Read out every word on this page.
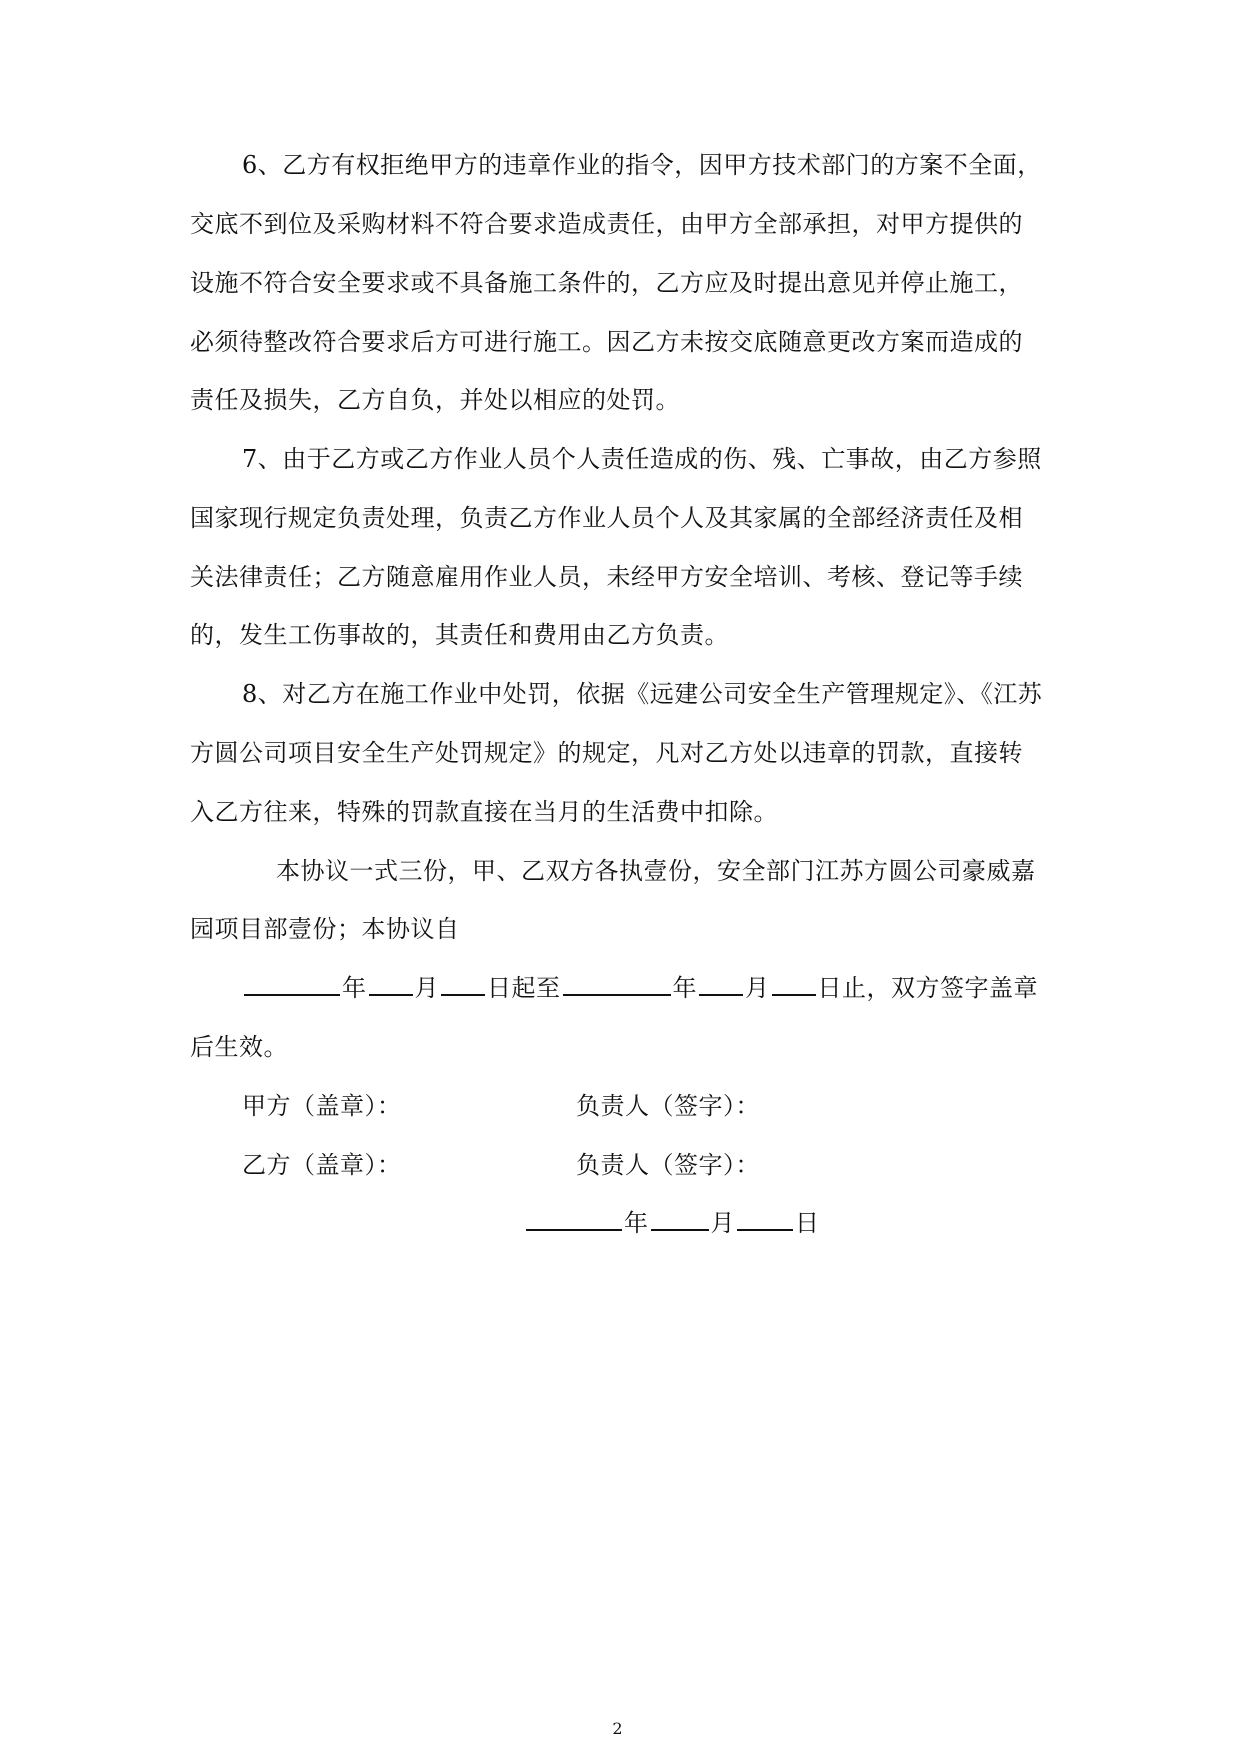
6、乙方有权拒绝甲方的违章作业的指令，因甲方技术部门的方案不全面，
交底不到位及采购材料不符合要求造成责任，由甲方全部承担，对甲方提供的
设施不符合安全要求或不具备施工条件的，乙方应及时提出意见并停止施工，
必须待整改符合要求后方可进行施工。因乙方未按交底随意更改方案而造成的
责任及损失，乙方自负，并处以相应的处罚。
7、由于乙方或乙方作业人员个人责任造成的伤、残、亡事故，由乙方参照
国家现行规定负责处理，负责乙方作业人员个人及其家属的全部经济责任及相
关法律责任；乙方随意雇用作业人员，未经甲方安全培训、考核、登记等手续
的，发生工伤事故的，其责任和费用由乙方负责。
8、对乙方在施工作业中处罚，依据《远建公司安全生产管理规定》、《江苏
方圆公司项目安全生产处罚规定》的规定，凡对乙方处以违章的罚款，直接转
入乙方往来，特殊的罚款直接在当月的生活费中扣除。
本协议一式三份，甲、乙双方各执壹份，安全部门江苏方圆公司豪威嘉
园项目部壹份；本协议自
年 月 日起至	年 月 日止，双方签字盖章
后生效。
甲方（盖章）：	负责人（签字）：
乙方（盖章）：	负责人（签字）：
年	月	日
2
